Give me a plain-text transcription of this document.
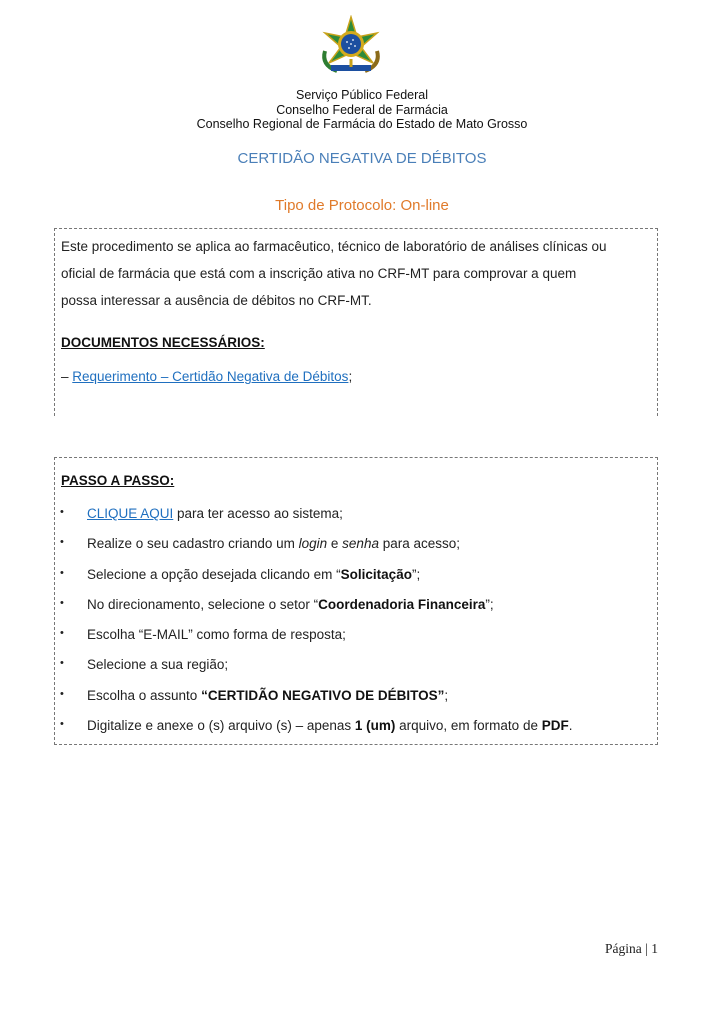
Serviço Público Federal
Conselho Federal de Farmácia
Conselho Regional de Farmácia do Estado de Mato Grosso
CERTIDÃO NEGATIVA DE DÉBITOS
Tipo de Protocolo: On-line
Este procedimento se aplica ao farmacêutico, técnico de laboratório de análises clínicas ou
oficial de farmácia que está com a inscrição ativa no CRF-MT para comprovar a quem
possa interessar a ausência de débitos no CRF-MT.
DOCUMENTOS NECESSÁRIOS:
– Requerimento – Certidão Negativa de Débitos;
PASSO A PASSO:
• CLIQUE AQUI para ter acesso ao sistema;
• Realize o seu cadastro criando um login e senha para acesso;
• Selecione a opção desejada clicando em “Solicitação”;
• No direcionamento, selecione o setor “Coordenadoria Financeira”;
• Escolha “E-MAIL” como forma de resposta;
• Selecione a sua região;
• Escolha o assunto “CERTIDÃO NEGATIVO DE DÉBITOS”;
• Digitalize e anexe o (s) arquivo (s) – apenas 1 (um) arquivo, em formato de PDF.
Página | 1
